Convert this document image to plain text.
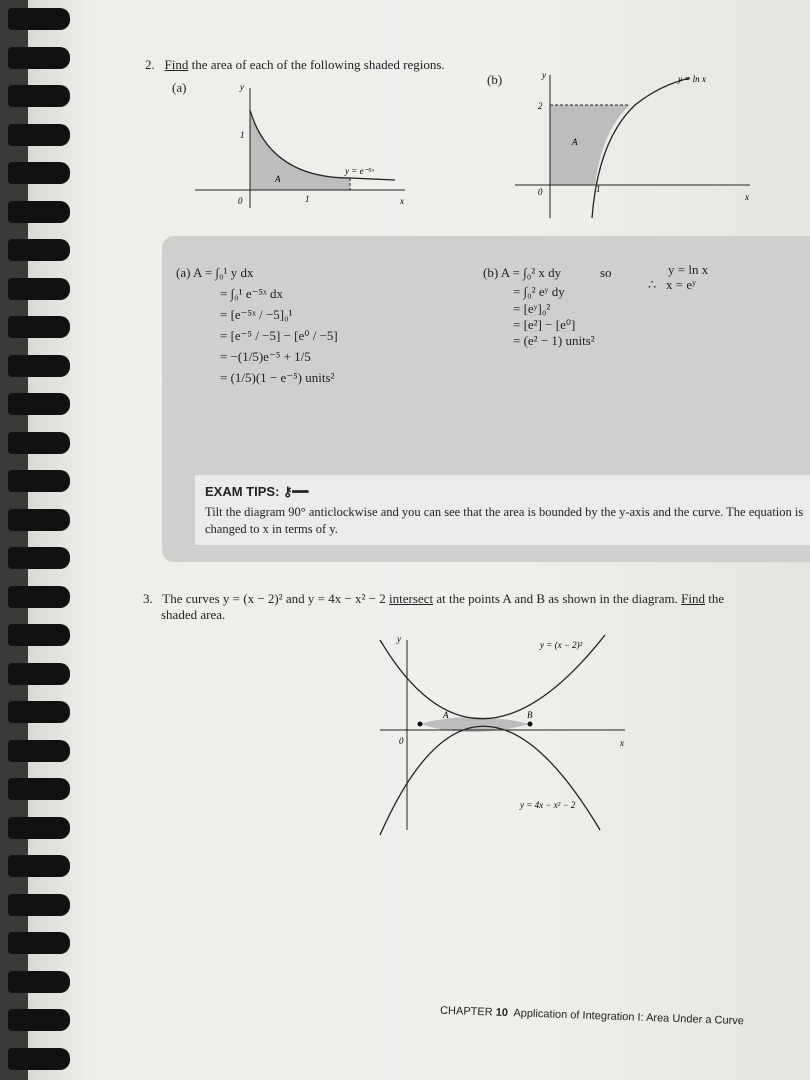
2. Find the area of each of the following shaded regions.
(a)
(b)
y
x
1
1
0
A
y = e⁻⁵ˣ
y
x
2
1
0
A
y = ln x
(a) A = ∫₀¹ y dx
= ∫₀¹ e⁻⁵ˣ dx
= [e⁻⁵ˣ / −5]₀¹
= [e⁻⁵ / −5] − [e⁰ / −5]
= −(1/5)e⁻⁵ + 1/5
= (1/5)(1 − e⁻⁵) units²
(b) A = ∫₀² x dy
= ∫₀² eʸ dy
= [eʸ]₀²
= [e²] − [e⁰]
= (e² − 1) units²
so	y = ln x
∴ x = eʸ
EXAM TIPS: ⚷━━
Tilt the diagram 90° anticlockwise and you can see that the area is bounded by the y-axis and the curve. The equation is changed to x in terms of y.
3. The curves y = (x − 2)² and y = 4x − x² − 2 intersect at the points A and B as shown in the diagram. Find the
shaded area.
y
x
0
A	B
y = (x − 2)²
y = 4x − x² − 2
CHAPTER 10 Application of Integration I: Area Under a Curve
